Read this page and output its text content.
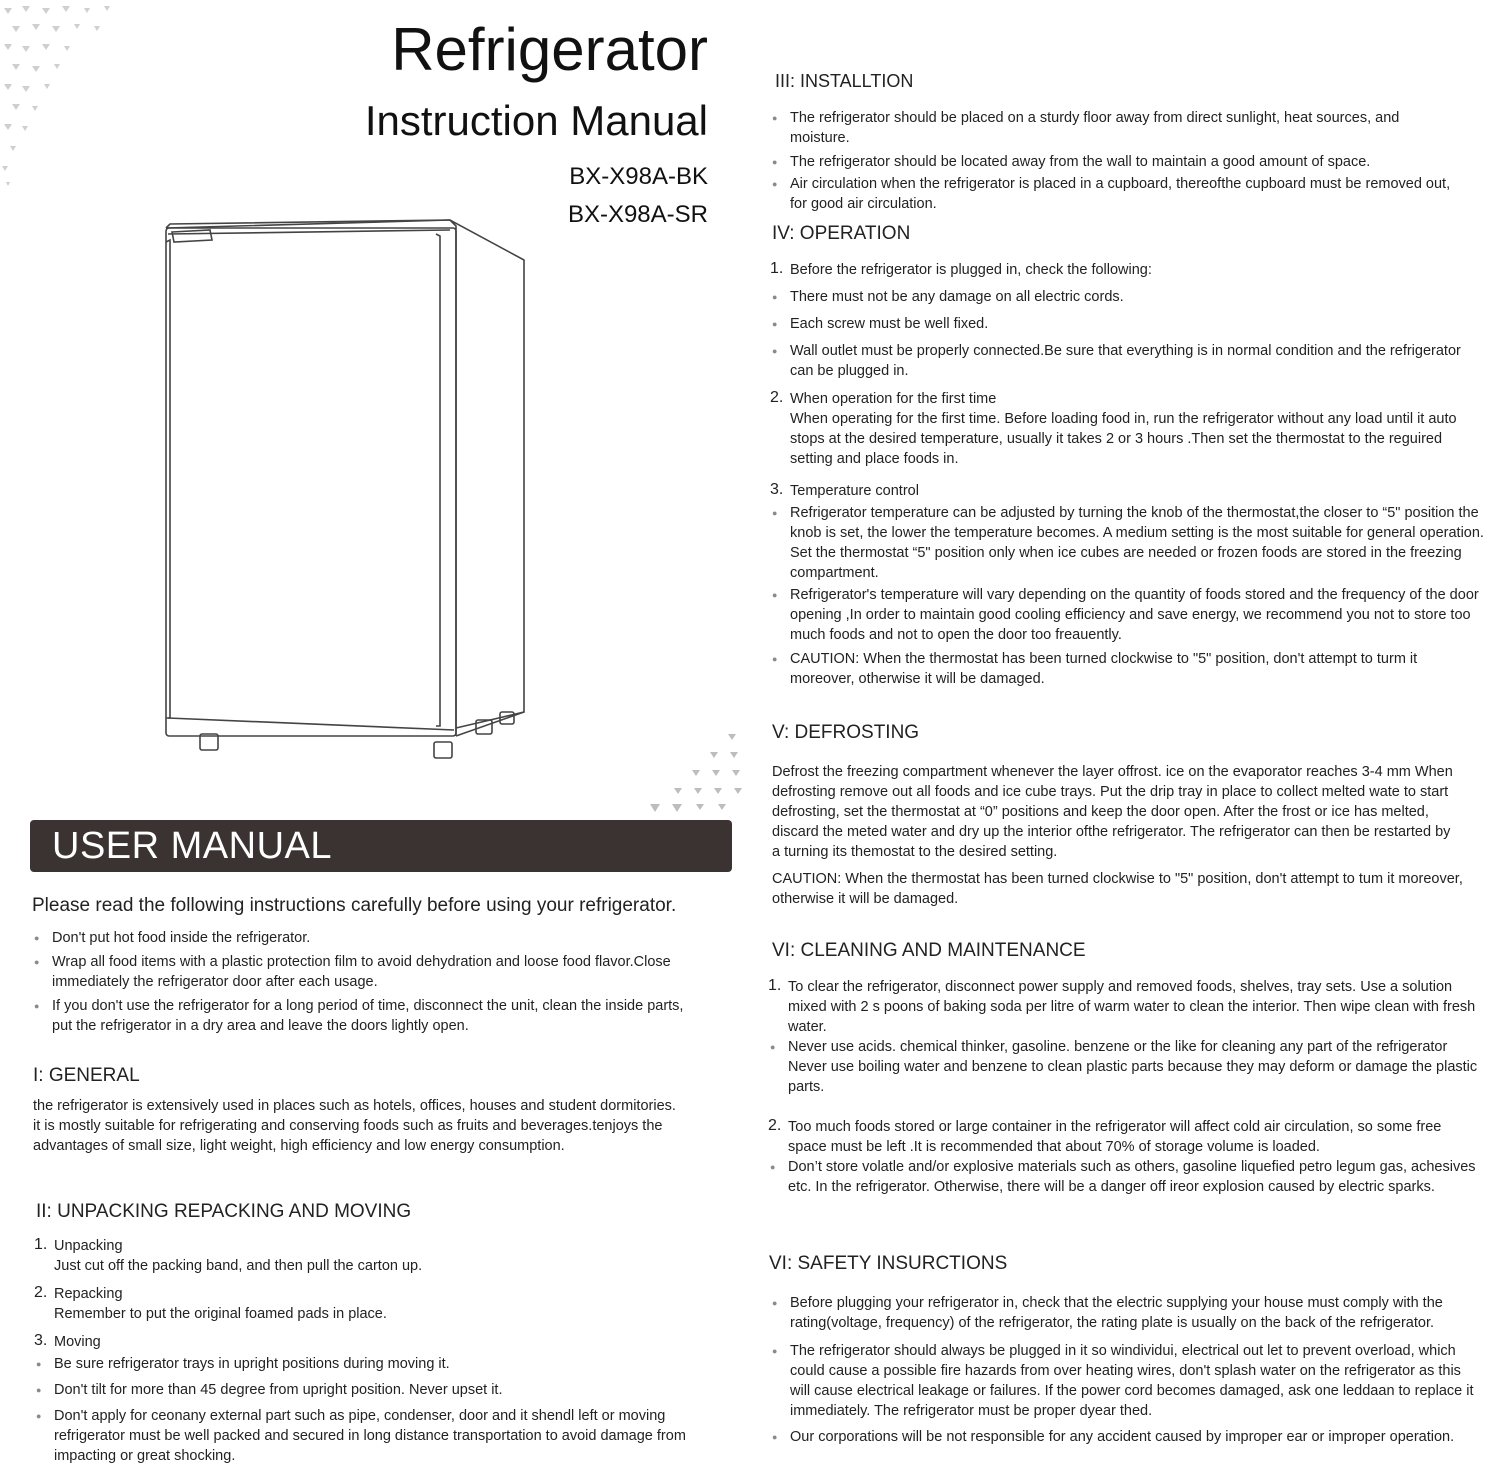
Refrigerator
Instruction Manual
BX-X98A-BK
BX-X98A-SR
USER MANUAL
Please read the following instructions carefully before using your refrigerator.
● Don't put hot food inside the refrigerator.
● Wrap all food items with a plastic protection film to avoid dehydration and loose food flavor.Close immediately the refrigerator door after each usage.
● If you don't use the refrigerator for a long period of time, disconnect the unit, clean the inside parts, put the refrigerator in a dry area and leave the doors lightly open.
I: GENERAL
the refrigerator is extensively used in places such as hotels, offices, houses and student dormitories. it is mostly suitable for refrigerating and conserving foods such as fruits and beverages.tenjoys the advantages of small size, light weight, high efficiency and low energy consumption.
II: UNPACKING REPACKING AND MOVING
1. Unpacking
Just cut off the packing band, and then pull the carton up.
2. Repacking
Remember to put the original foamed pads in place.
3. Moving
● Be sure refrigerator trays in upright positions during moving it.
● Don't tilt for more than 45 degree from upright position. Never upset it.
● Don't apply for ceonany external part such as pipe, condenser, door and it shendl left or moving refrigerator must be well packed and secured in long distance transportation to avoid damage from impacting or great shocking.
III: INSTALLTION
● The refrigerator should be placed on a sturdy floor away from direct sunlight, heat sources, and moisture.
● The refrigerator should be located away from the wall to maintain a good amount of space.
● Air circulation when the refrigerator is placed in a cupboard, thereofthe cupboard must be removed out, for good air circulation.
IV: OPERATION
1. Before the refrigerator is plugged in, check the following:
● There must not be any damage on all electric cords.
● Each screw must be well fixed.
● Wall outlet must be properly connected.Be sure that everything is in normal condition and the refrigerator can be plugged in.
2. When operation for the first time
When operating for the first time. Before loading food in, run the refrigerator without any load until it auto stops at the desired temperature, usually it takes 2 or 3 hours .Then set the thermostat to the reguired setting and place foods in.
3. Temperature control
● Refrigerator temperature can be adjusted by turning the knob of the thermostat,the closer to “5" position the knob is set, the lower the temperature becomes. A medium setting is the most suitable for general operation. Set the thermostat “5" position only when ice cubes are needed or frozen foods are stored in the freezing compartment.
● Refrigerator's temperature will vary depending on the quantity of foods stored and the frequency of the door opening ,In order to maintain good cooling efficiency and save energy, we recommend you not to store too much foods and not to open the door too freauently.
● CAUTION: When the thermostat has been turned clockwise to "5" position, don't attempt to turm it moreover, otherwise it will be damaged.
V: DEFROSTING
Defrost the freezing compartment whenever the layer offrost. ice on the evaporator reaches 3-4 mm When defrosting remove out all foods and ice cube trays. Put the drip tray in place to collect melted wate to start defrosting, set the thermostat at “0” positions and keep the door open. After the frost or ice has melted, discard the meted water and dry up the interior ofthe refrigerator. The refrigerator can then be restarted by a turning its themostat to the desired setting.
CAUTION: When the thermostat has been turned clockwise to "5" position, don't attempt to tum it moreover, otherwise it will be damaged.
VI: CLEANING AND MAINTENANCE
1. To clear the refrigerator, disconnect power supply and removed foods, shelves, tray sets. Use a solution mixed with 2 s poons of baking soda per litre of warm water to clean the interior. Then wipe clean with fresh water.
● Never use acids. chemical thinker, gasoline. benzene or the like for cleaning any part of the refrigerator Never use boiling water and benzene to clean plastic parts because they may deform or damage the plastic parts.
2. Too much foods stored or large container in the refrigerator will affect cold air circulation, so some free space must be left .It is recommended that about 70% of storage volume is loaded.
● Don’t store volatle and/or explosive materials such as others, gasoline liquefied petro legum gas, achesives etc. In the refrigerator. Otherwise, there will be a danger off ireor explosion caused by electric sparks.
VI: SAFETY INSURCTIONS
● Before plugging your refrigerator in, check that the electric supplying your house must comply with the rating(voltage, frequency) of the refrigerator, the rating plate is usually on the back of the refrigerator.
● The refrigerator should always be plugged in it so windividui, electrical out let to prevent overload, which could cause a possible fire hazards from over heating wires, don't splash water on the refrigerator as this will cause electrical leakage or failures. If the power cord becomes damaged, ask one leddaan to replace it immediately. The refrigerator must be proper dyear thed.
● Our corporations will be not responsible for any accident caused by improper ear or improper operation.
